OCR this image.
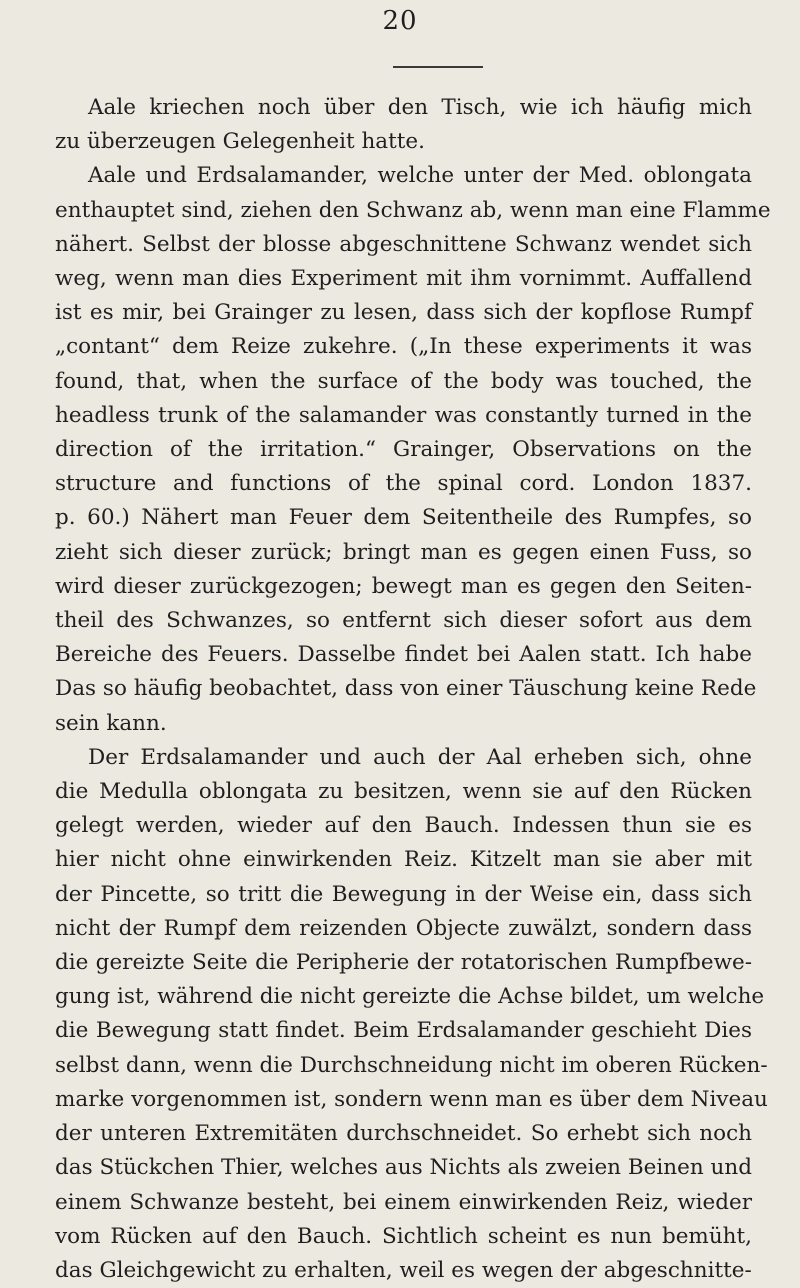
20
Aale kriechen noch über den Tisch, wie ich häufig mich
zu überzeugen Gelegenheit hatte.
Aale und Erdsalamander, welche unter der Med. oblongata
enthauptet sind, ziehen den Schwanz ab, wenn man eine Flamme
nähert. Selbst der blosse abgeschnittene Schwanz wendet sich
weg, wenn man dies Experiment mit ihm vornimmt. Auffallend
ist es mir, bei Grainger zu lesen, dass sich der kopflose Rumpf
„contant“ dem Reize zukehre. („In these experiments it was
found, that, when the surface of the body was touched, the
headless trunk of the salamander was constantly turned in the
direction of the irritation.“ Grainger, Observations on the
structure and functions of the spinal cord. London 1837.
p. 60.) Nähert man Feuer dem Seitentheile des Rumpfes, so
zieht sich dieser zurück; bringt man es gegen einen Fuss, so
wird dieser zurückgezogen; bewegt man es gegen den Seiten-
theil des Schwanzes, so entfernt sich dieser sofort aus dem
Bereiche des Feuers. Dasselbe findet bei Aalen statt. Ich habe
Das so häufig beobachtet, dass von einer Täuschung keine Rede
sein kann.
Der Erdsalamander und auch der Aal erheben sich, ohne
die Medulla oblongata zu besitzen, wenn sie auf den Rücken
gelegt werden, wieder auf den Bauch. Indessen thun sie es
hier nicht ohne einwirkenden Reiz. Kitzelt man sie aber mit
der Pincette, so tritt die Bewegung in der Weise ein, dass sich
nicht der Rumpf dem reizenden Objecte zuwälzt, sondern dass
die gereizte Seite die Peripherie der rotatorischen Rumpfbewe-
gung ist, während die nicht gereizte die Achse bildet, um welche
die Bewegung statt findet. Beim Erdsalamander geschieht Dies
selbst dann, wenn die Durchschneidung nicht im oberen Rücken-
marke vorgenommen ist, sondern wenn man es über dem Niveau
der unteren Extremitäten durchschneidet. So erhebt sich noch
das Stückchen Thier, welches aus Nichts als zweien Beinen und
einem Schwanze besteht, bei einem einwirkenden Reiz, wieder
vom Rücken auf den Bauch. Sichtlich scheint es nun bemüht,
das Gleichgewicht zu erhalten, weil es wegen der abgeschnitte-
